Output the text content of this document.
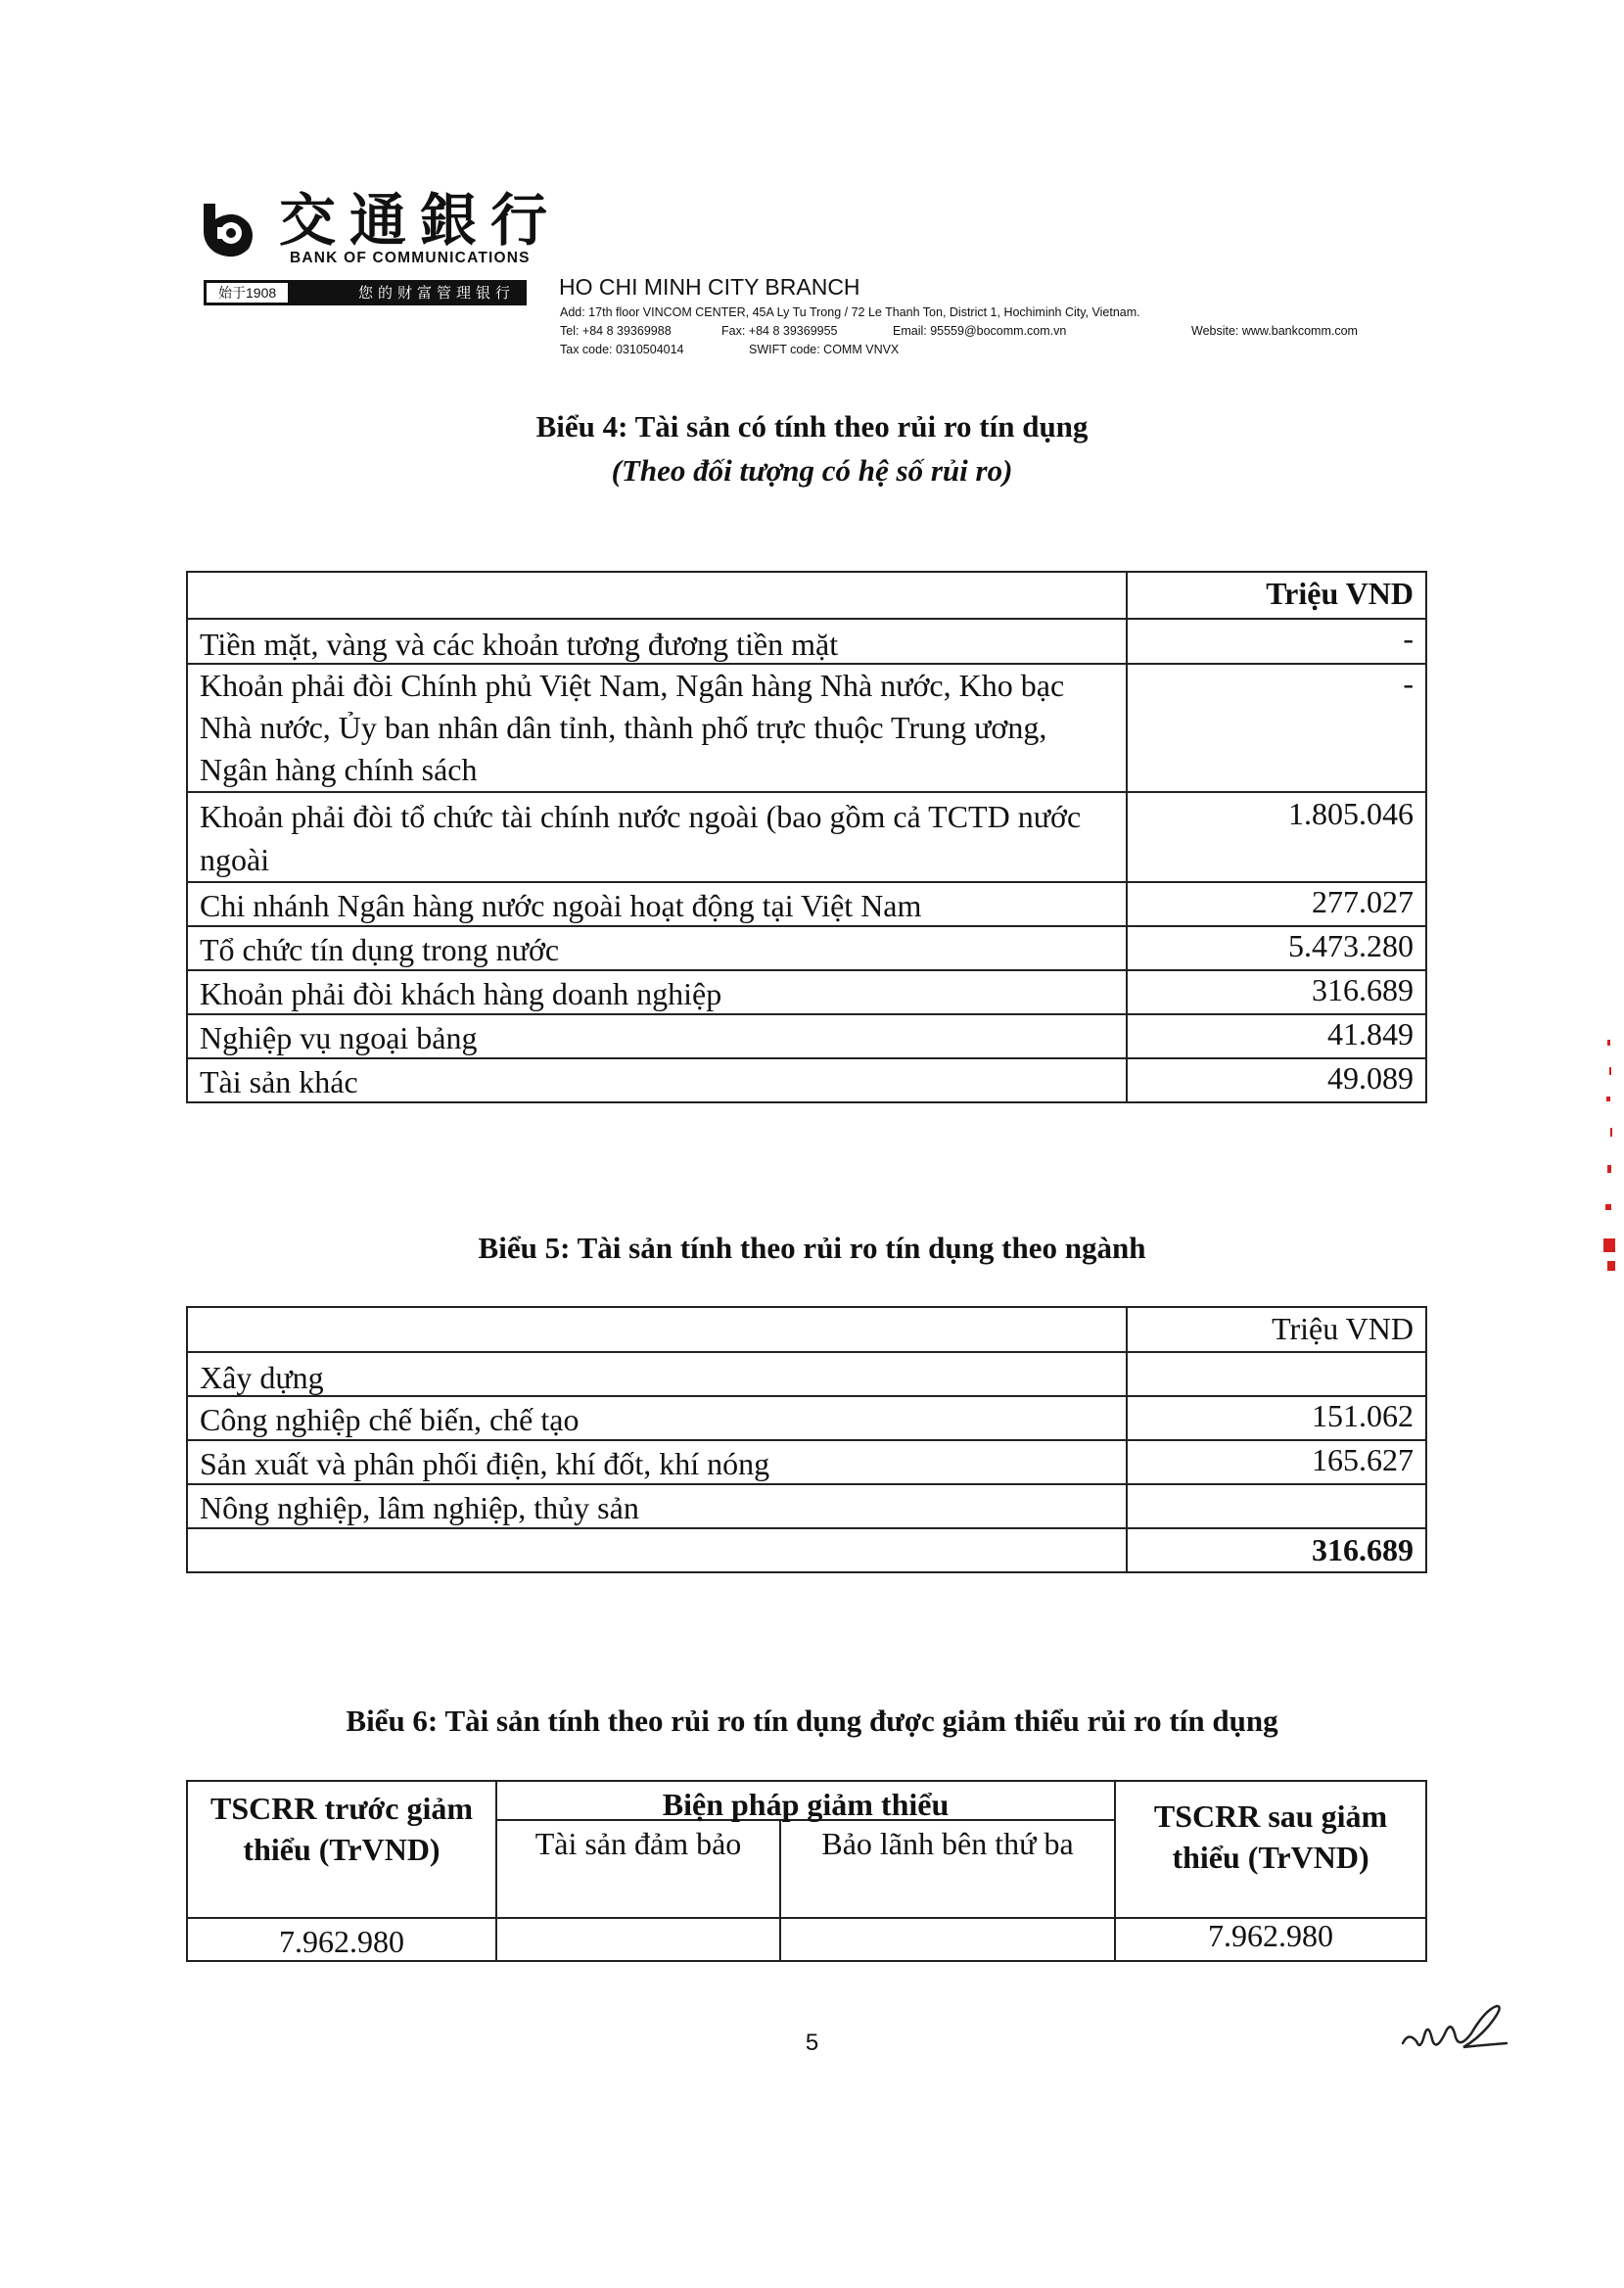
交通銀行
BANK OF COMMUNICATIONS
始于1908	您的财富管理银行 HO CHI MINH CITY BRANCH
Add: 17th floor VINCOM CENTER, 45A Ly Tu Trong / 72 Le Thanh Ton, District 1, Hochiminh City, Vietnam.
Tel: +84 8 39369988	Fax: +84 8 39369955	Email: 95559@bocomm.com.vn	Website: www.bankcomm.com
Tax code: 0310504014	SWIFT code: COMM VNVX
Biểu 4: Tài sản có tính theo rủi ro tín dụng
(Theo đối tượng có hệ số rủi ro)
	Triệu VND
Tiền mặt, vàng và các khoản tương đương tiền mặt	-
Khoản phải đòi Chính phủ Việt Nam, Ngân hàng Nhà nước, Kho bạc Nhà nước, Ủy ban nhân dân tỉnh, thành phố trực thuộc Trung ương, Ngân hàng chính sách	-
Khoản phải đòi tổ chức tài chính nước ngoài (bao gồm cả TCTD nước ngoài	1.805.046
Chi nhánh Ngân hàng nước ngoài hoạt động tại Việt Nam	277.027
Tổ chức tín dụng trong nước	5.473.280
Khoản phải đòi khách hàng doanh nghiệp	316.689
Nghiệp vụ ngoại bảng	41.849
Tài sản khác	49.089
Biểu 5: Tài sản tính theo rủi ro tín dụng theo ngành
	Triệu VND
Xây dựng	
Công nghiệp chế biến, chế tạo	151.062
Sản xuất và phân phối điện, khí đốt, khí nóng	165.627
Nông nghiệp, lâm nghiệp, thủy sản	
	316.689
Biểu 6: Tài sản tính theo rủi ro tín dụng được giảm thiểu rủi ro tín dụng
TSCRR trước giảm thiểu (TrVND)	Biện pháp giảm thiểu		TSCRR sau giảm thiểu (TrVND)
	Tài sản đảm bảo	Bảo lãnh bên thứ ba	
7.962.980			7.962.980
5
